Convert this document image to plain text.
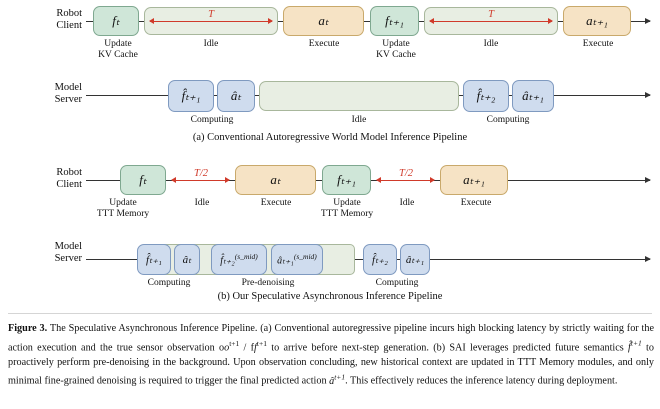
Robot
Client fₜ	aₜ	fₜ₊₁	aₜ₊₁
T	T
Update
KV Cache
Idle	Execute	Update
KV Cache
Idle	Execute
Model
Server	f̂ₜ₊₁ âₜ	f̂ₜ₊₂ âₜ₊₁
Computing	Idle	Computing
(a) Conventional Autoregressive World Model Inference Pipeline
Robot
Client	fₜ	aₜ	fₜ₊₁	aₜ₊₁
T/2	T/2
Update
TTT Memory
Idle	Execute	Update
TTT Memory
Idle	Execute
Model
Server	f̂ₜ₊₁ âₜ	f̂ₜ₊₂$^{(s\_mid)}$ âₜ₊₁$^{(s\_mid)}$	f̂ₜ₊₂ âₜ₊₁
Computing	Pre-denoising	Computing
(b) Our Speculative Asynchronous Inference Pipeline
Figure 3. The Speculative Asynchronous Inference Pipeline. (a) Conventional autoregressive pipeline incurs high blocking latency by strictly waiting for the action execution and the true sensor observation $oo^{t+1} / ff^{t+1}$ to arrive before next-step generation. (b) SAI leverages predicted future semantics f̂$^{t+1}$ to proactively perform pre-denoising in the background. Upon observation concluding, new historical context are updated in TTT Memory modules, and only minimal fine-grained denoising is required to trigger the final predicted action â$^{t+1}$. This effectively reduces the inference latency during deployment.
